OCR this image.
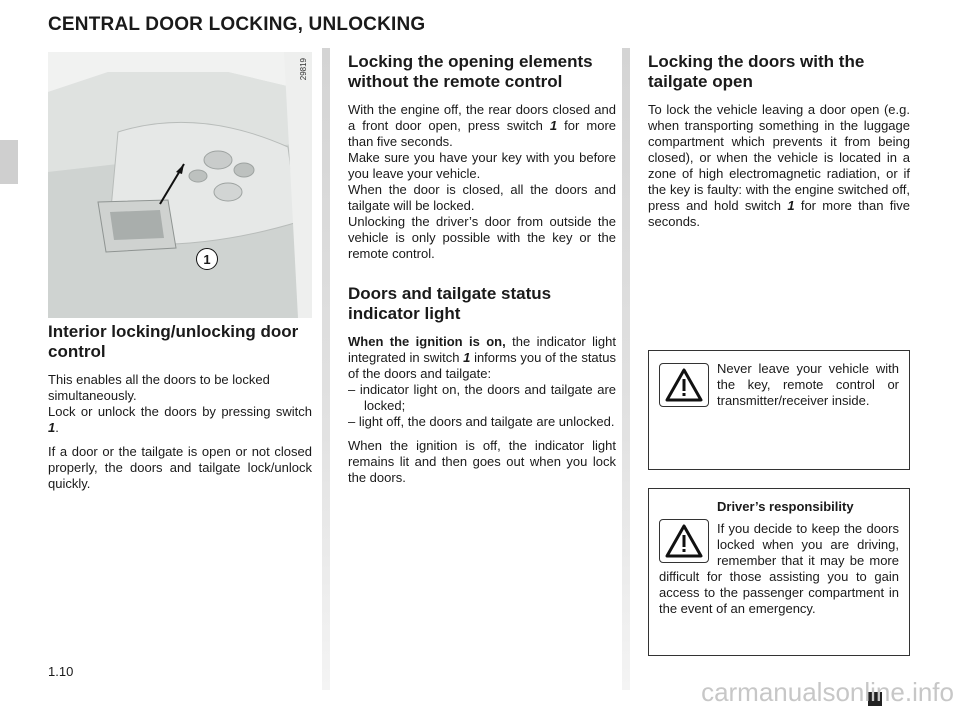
CENTRAL DOOR LOCKING, UNLOCKING
29819
1
Interior locking/unlocking door control

This enables all the doors to be locked simultaneously.

Lock or unlock the doors by pressing switch 1.

If a door or the tailgate is open or not closed properly, the doors and tailgate lock/unlock quickly.

Locking the opening elements without the remote control

With the engine off, the rear doors closed and a front door open, press switch 1 for more than five seconds.

Make sure you have your key with you before you leave your vehicle.

When the door is closed, all the doors and tailgate will be locked.

Unlocking the driver’s door from outside the vehicle is only possible with the key or the remote control.

Doors and tailgate status indicator light

When the ignition is on, the indicator light integrated in switch 1 informs you of the status of the doors and tailgate:

– indicator light on, the doors and tailgate are locked;
– light off, the doors and tailgate are unlocked.

When the ignition is off, the indicator light remains lit and then goes out when you lock the doors.

Locking the doors with the tailgate open

To lock the vehicle leaving a door open (e.g. when transporting something in the luggage compartment which prevents it from being closed), or when the vehicle is located in a zone of high electromagnetic radiation, or if the key is faulty: with the engine switched off, press and hold switch 1 for more than five seconds.

Never leave your vehicle with the key, remote control or transmitter/receiver inside.

Driver’s responsibility

If you decide to keep the doors locked when you are driving, remember that it may be more difficult for those assisting you to gain access to the passenger compartment in the event of an emergency.

1.10
carmanualsonline.info
